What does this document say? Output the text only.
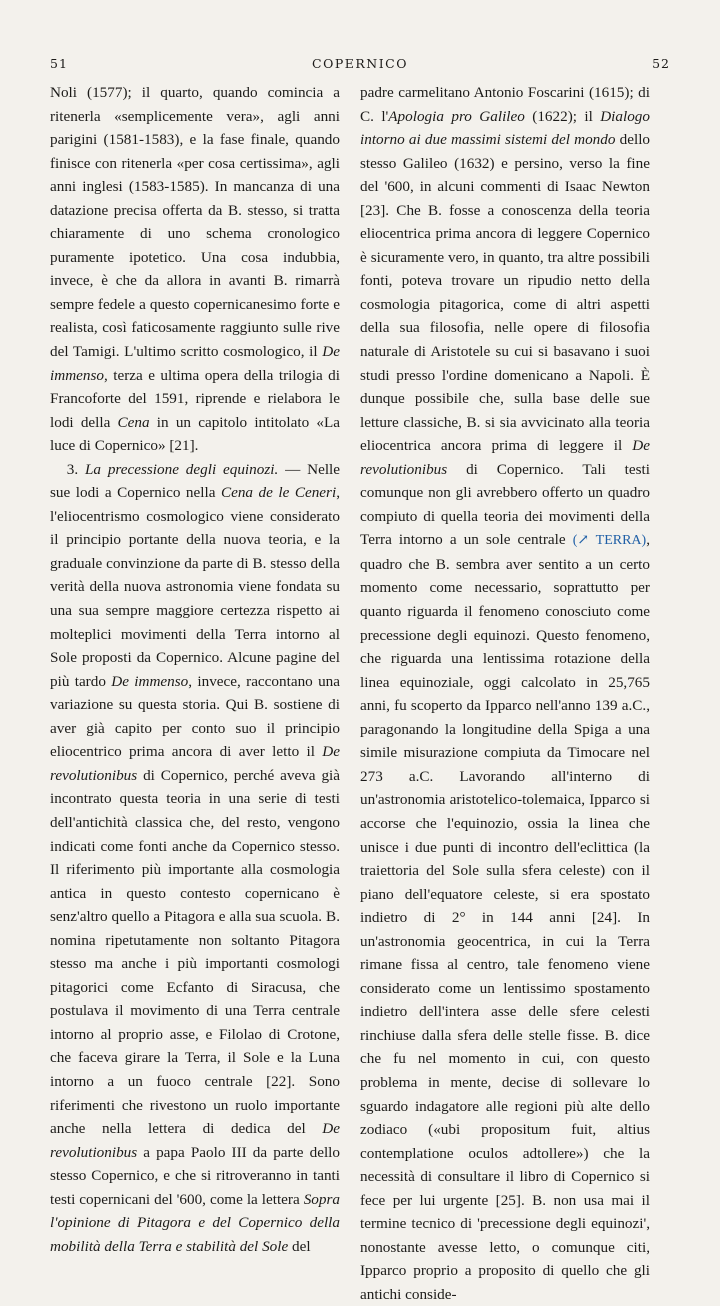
51	COPERNICO	52

Noli (1577); il quarto, quando comincia a ritenerla «semplicemente vera», agli anni parigini (1581-1583), e la fase finale, quando finisce con ritenerla «per cosa certissima», agli anni inglesi (1583-1585). In mancanza di una datazione precisa offerta da B. stesso, si tratta chiaramente di uno schema cronologico puramente ipotetico. Una cosa indubbia, invece, è che da allora in avanti B. rimarrà sempre fedele a questo copernicanesimo forte e realista, così faticosamente raggiunto sulle rive del Tamigi. L'ultimo scritto cosmologico, il De immenso, terza e ultima opera della trilogia di Francoforte del 1591, riprende e rielabora le lodi della Cena in un capitolo intitolato «La luce di Copernico» [21].

3. La precessione degli equinozi. — Nelle sue lodi a Copernico nella Cena de le Ceneri, l'eliocentrismo cosmologico viene considerato il principio portante della nuova teoria, e la graduale convinzione da parte di B. stesso della verità della nuova astronomia viene fondata su una sua sempre maggiore certezza rispetto ai molteplici movimenti della Terra intorno al Sole proposti da Copernico. Alcune pagine del più tardo De immenso, invece, raccontano una variazione su questa storia. Qui B. sostiene di aver già capito per conto suo il principio eliocentrico prima ancora di aver letto il De revolutionibus di Copernico, perché aveva già incontrato questa teoria in una serie di testi dell'antichità classica che, del resto, vengono indicati come fonti anche da Copernico stesso. Il riferimento più importante alla cosmologia antica in questo contesto copernicano è senz'altro quello a Pitagora e alla sua scuola. B. nomina ripetutamente non soltanto Pitagora stesso ma anche i più importanti cosmologi pitagorici come Ecfanto di Siracusa, che postulava il movimento di una Terra centrale intorno al proprio asse, e Filolao di Crotone, che faceva girare la Terra, il Sole e la Luna intorno a un fuoco centrale [22]. Sono riferimenti che rivestono un ruolo importante anche nella lettera di dedica del De revolutionibus a papa Paolo III da parte dello stesso Copernico, e che si ritroveranno in tanti testi copernicani del '600, come la lettera Sopra l'opinione di Pitagora e del Copernico della mobilità della Terra e stabilità del Sole del

padre carmelitano Antonio Foscarini (1615); di C. l'Apologia pro Galileo (1622); il Dialogo intorno ai due massimi sistemi del mondo dello stesso Galileo (1632) e persino, verso la fine del '600, in alcuni commenti di Isaac Newton [23]. Che B. fosse a conoscenza della teoria eliocentrica prima ancora di leggere Copernico è sicuramente vero, in quanto, tra altre possibili fonti, poteva trovare un ripudio netto della cosmologia pitagorica, come di altri aspetti della sua filosofia, nelle opere di filosofia naturale di Aristotele su cui si basavano i suoi studi presso l'ordine domenicano a Napoli. È dunque possibile che, sulla base delle sue letture classiche, B. si sia avvicinato alla teoria eliocentrica ancora prima di leggere il De revolutionibus di Copernico. Tali testi comunque non gli avrebbero offerto un quadro compiuto di quella teoria dei movimenti della Terra intorno a un sole centrale (↗ TERRA), quadro che B. sembra aver sentito a un certo momento come necessario, soprattutto per quanto riguarda il fenomeno conosciuto come precessione degli equinozi. Questo fenomeno, che riguarda una lentissima rotazione della linea equinoziale, oggi calcolato in 25,765 anni, fu scoperto da Ipparco nell'anno 139 a.C., paragonando la longitudine della Spiga a una simile misurazione compiuta da Timocare nel 273 a.C. Lavorando all'interno di un'astronomia aristotelico-tolemaica, Ipparco si accorse che l'equinozio, ossia la linea che unisce i due punti di incontro dell'eclittica (la traiettoria del Sole sulla sfera celeste) con il piano dell'equatore celeste, si era spostato indietro di 2° in 144 anni [24]. In un'astronomia geocentrica, in cui la Terra rimane fissa al centro, tale fenomeno viene considerato come un lentissimo spostamento indietro dell'intera asse delle sfere celesti rinchiuse dalla sfera delle stelle fisse. B. dice che fu nel momento in cui, con questo problema in mente, decise di sollevare lo sguardo indagatore alle regioni più alte dello zodiaco («ubi propositum fuit, altius contemplatione oculos adtollere») che la necessità di consultare il libro di Copernico si fece per lui urgente [25]. B. non usa mai il termine tecnico di 'precessione degli equinozi', nonostante avesse letto, o comunque citi, Ipparco proprio a proposito di quello che gli antichi conside-
